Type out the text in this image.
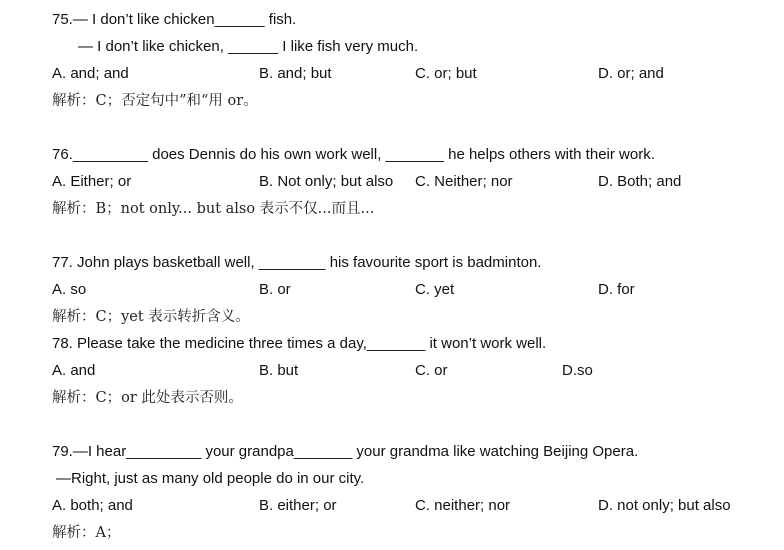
75.— I don’t like chicken______ fish.
— I don’t like chicken, ______ I like fish very much.
A. and; and	B. and; but	C. or; but	D. or; and
解析：C；否定句中”和“用 or。
76._________ does Dennis do his own work well, _______ he helps others with their work.
A. Either; or	B. Not only; but also C. Neither; nor	D. Both; and
解析：B；not only... but also 表示不仅...而且...
77. John plays basketball well, ________ his favourite sport is badminton.
A. so	B. or	C. yet	D. for
解析：C；yet 表示转折含义。
78. Please take the medicine three times a day,_______ it won’t work well.
A. and	B. but	C. or	D.so
解析：C；or 此处表示否则。
79.—I hear_________ your grandpa_______ your grandma like watching Beijing Opera.
—Right, just as many old people do in our city.
A. both; and	B. either; or	C. neither; nor	D. not only; but also
解析：A；
